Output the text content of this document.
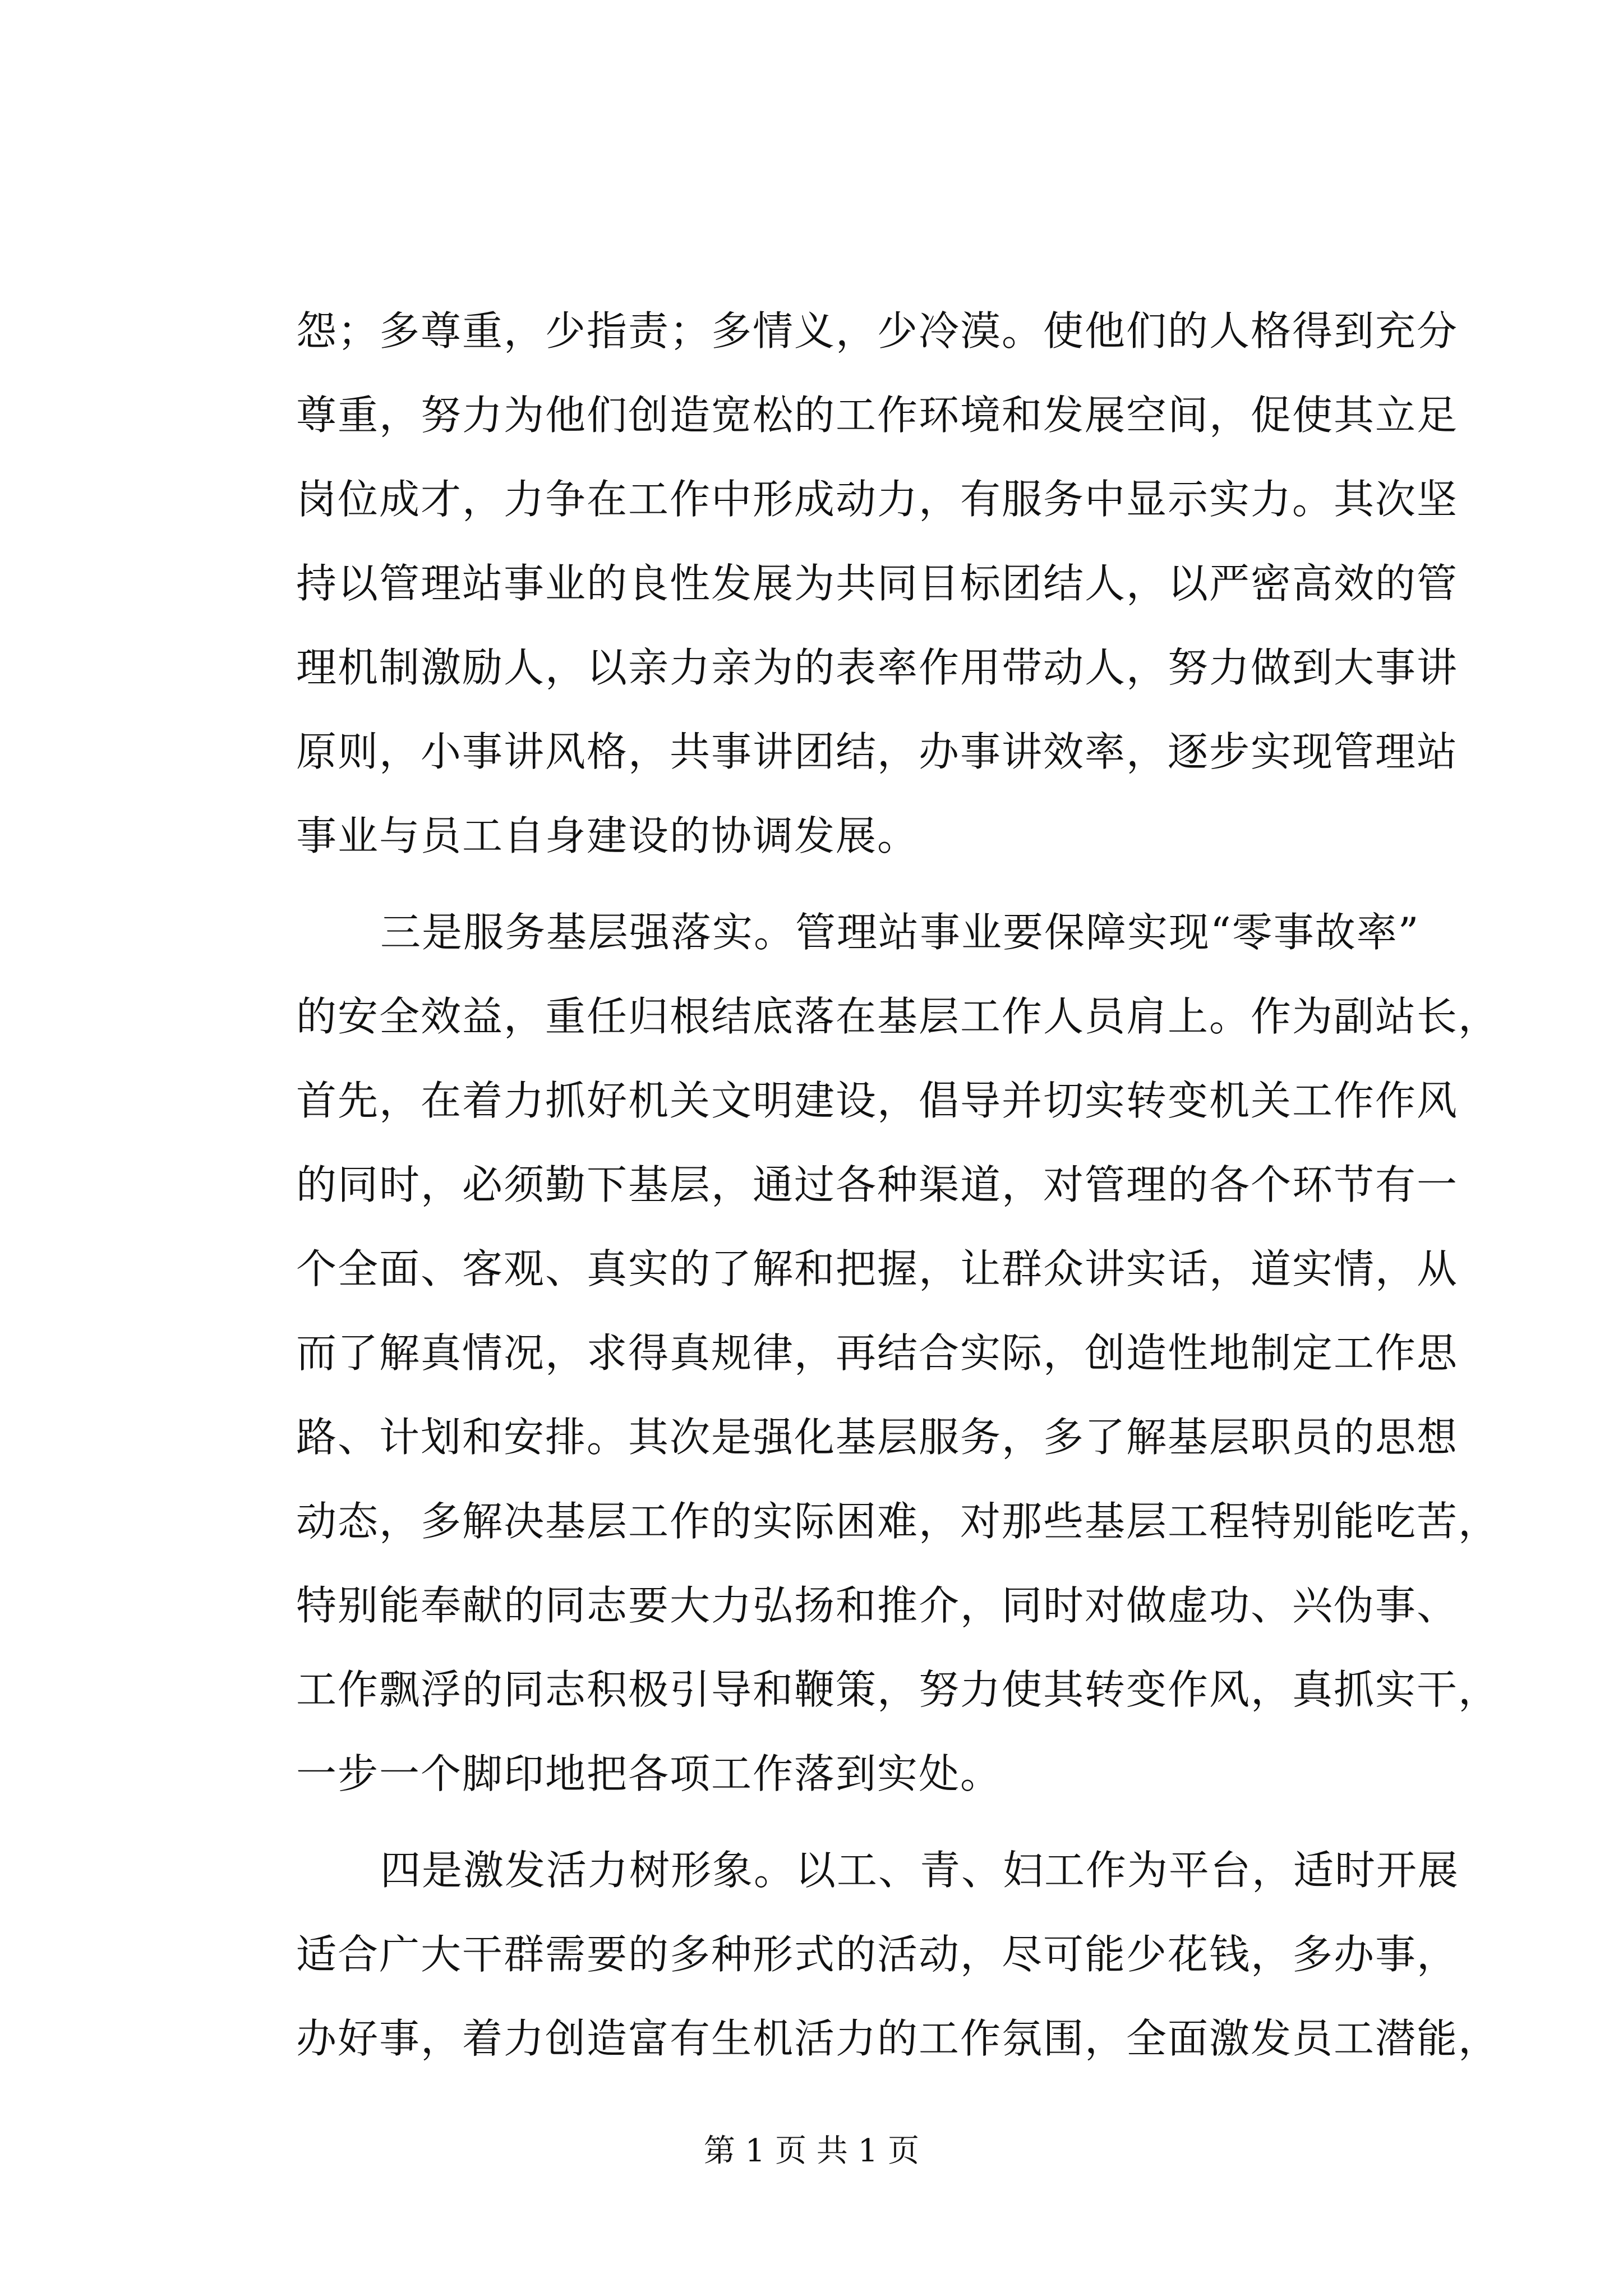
怨；多尊重，少指责；多情义，少冷漠。使他们的人格得到充分
尊重，努力为他们创造宽松的工作环境和发展空间，促使其立足
岗位成才，力争在工作中形成动力，有服务中显示实力。其次坚
持以管理站事业的良性发展为共同目标团结人，以严密高效的管
理机制激励人，以亲力亲为的表率作用带动人，努力做到大事讲
原则，小事讲风格，共事讲团结，办事讲效率，逐步实现管理站
事业与员工自身建设的协调发展。
三是服务基层强落实。管理站事业要保障实现“零事故率”
的安全效益，重任归根结底落在基层工作人员肩上。作为副站长，
首先，在着力抓好机关文明建设，倡导并切实转变机关工作作风
的同时，必须勤下基层，通过各种渠道，对管理的各个环节有一
个全面、客观、真实的了解和把握，让群众讲实话，道实情，从
而了解真情况，求得真规律，再结合实际，创造性地制定工作思
路、计划和安排。其次是强化基层服务，多了解基层职员的思想
动态，多解决基层工作的实际困难，对那些基层工程特别能吃苦，
特别能奉献的同志要大力弘扬和推介，同时对做虚功、兴伪事、
工作飘浮的同志积极引导和鞭策，努力使其转变作风，真抓实干，
一步一个脚印地把各项工作落到实处。
四是激发活力树形象。以工、青、妇工作为平台，适时开展
适合广大干群需要的多种形式的活动，尽可能少花钱，多办事，
办好事，着力创造富有生机活力的工作氛围，全面激发员工潜能，
第 1 页 共 1 页
